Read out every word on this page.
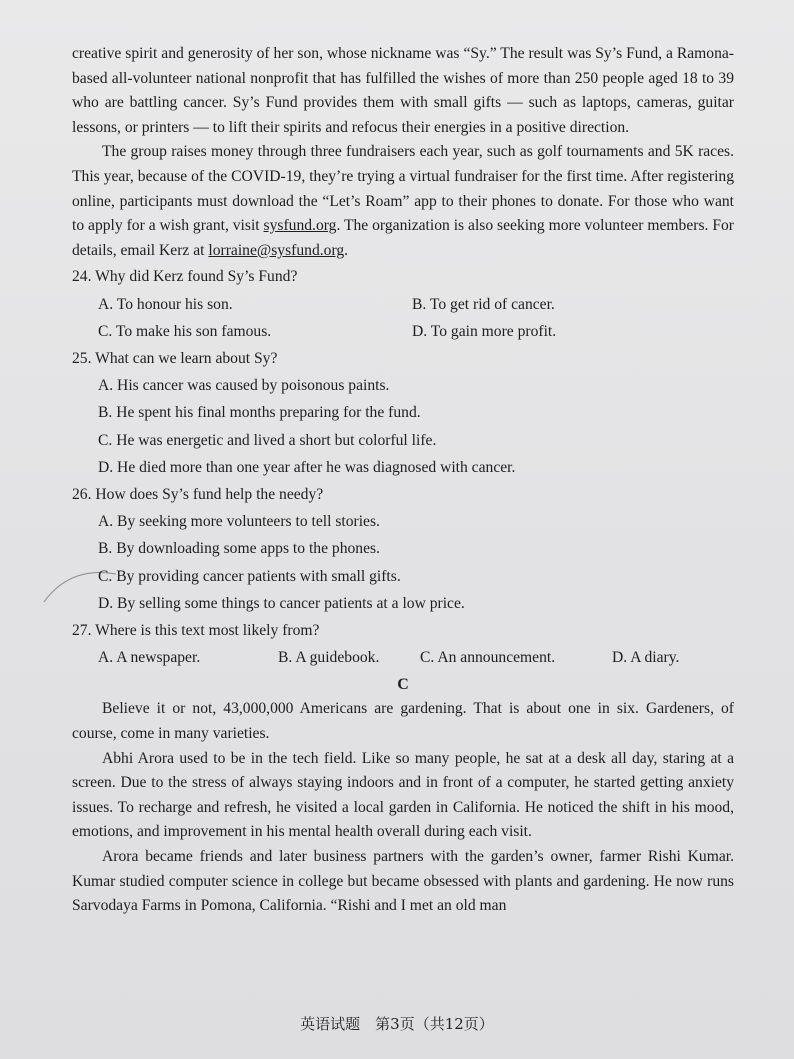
creative spirit and generosity of her son, whose nickname was “Sy.” The result was Sy’s Fund, a Ramona-based all-volunteer national nonprofit that has fulfilled the wishes of more than 250 people aged 18 to 39 who are battling cancer. Sy’s Fund provides them with small gifts — such as laptops, cameras, guitar lessons, or printers — to lift their spirits and refocus their energies in a positive direction.

The group raises money through three fundraisers each year, such as golf tournaments and 5K races. This year, because of the COVID-19, they’re trying a virtual fundraiser for the first time. After registering online, participants must download the “Let’s Roam” app to their phones to donate. For those who want to apply for a wish grant, visit sysfund.org. The organization is also seeking more volunteer members. For details, email Kerz at lorraine@sysfund.org.

24. Why did Kerz found Sy’s Fund?
A. To honour his son.	B. To get rid of cancer.
C. To make his son famous.	D. To gain more profit.
25. What can we learn about Sy?
A. His cancer was caused by poisonous paints.
B. He spent his final months preparing for the fund.
C. He was energetic and lived a short but colorful life.
D. He died more than one year after he was diagnosed with cancer.
26. How does Sy’s fund help the needy?
A. By seeking more volunteers to tell stories.
B. By downloading some apps to the phones.
C. By providing cancer patients with small gifts.
D. By selling some things to cancer patients at a low price.
27. Where is this text most likely from?
A. A newspaper.	B. A guidebook.	C. An announcement.	D. A diary.
C

Believe it or not, 43,000,000 Americans are gardening. That is about one in six. Gardeners, of course, come in many varieties.

Abhi Arora used to be in the tech field. Like so many people, he sat at a desk all day, staring at a screen. Due to the stress of always staying indoors and in front of a computer, he started getting anxiety issues. To recharge and refresh, he visited a local garden in California. He noticed the shift in his mood, emotions, and improvement in his mental health overall during each visit.

Arora became friends and later business partners with the garden’s owner, farmer Rishi Kumar. Kumar studied computer science in college but became obsessed with plants and gardening. He now runs Sarvodaya Farms in Pomona, California. “Rishi and I met an old man

英语试题　第3页（共12页）
